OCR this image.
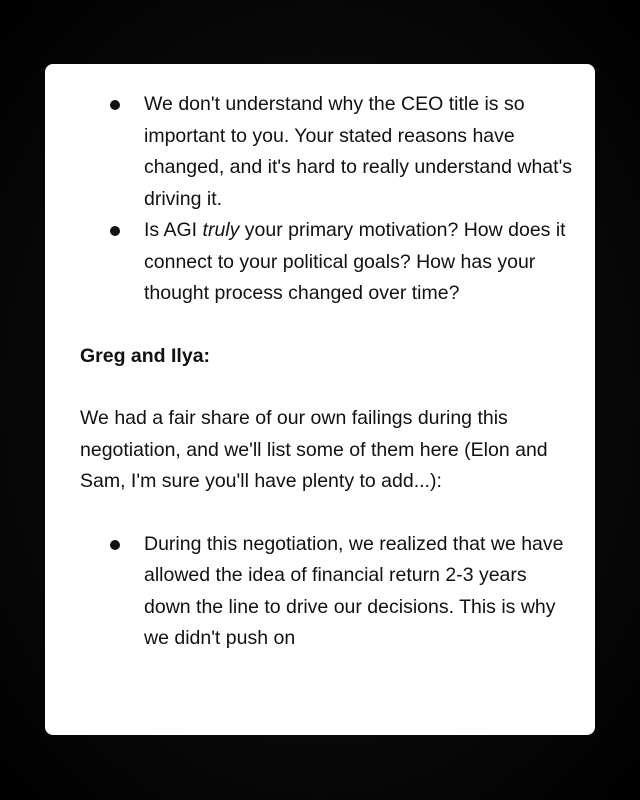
We don't understand why the CEO title is so important to you. Your stated reasons have changed, and it's hard to really understand what's driving it.
Is AGI truly your primary motivation? How does it connect to your political goals? How has your thought process changed over time?

Greg and Ilya:

We had a fair share of our own failings during this negotiation, and we'll list some of them here (Elon and Sam, I'm sure you'll have plenty to add...):

During this negotiation, we realized that we have allowed the idea of financial return 2-3 years down the line to drive our decisions. This is why we didn't push on
